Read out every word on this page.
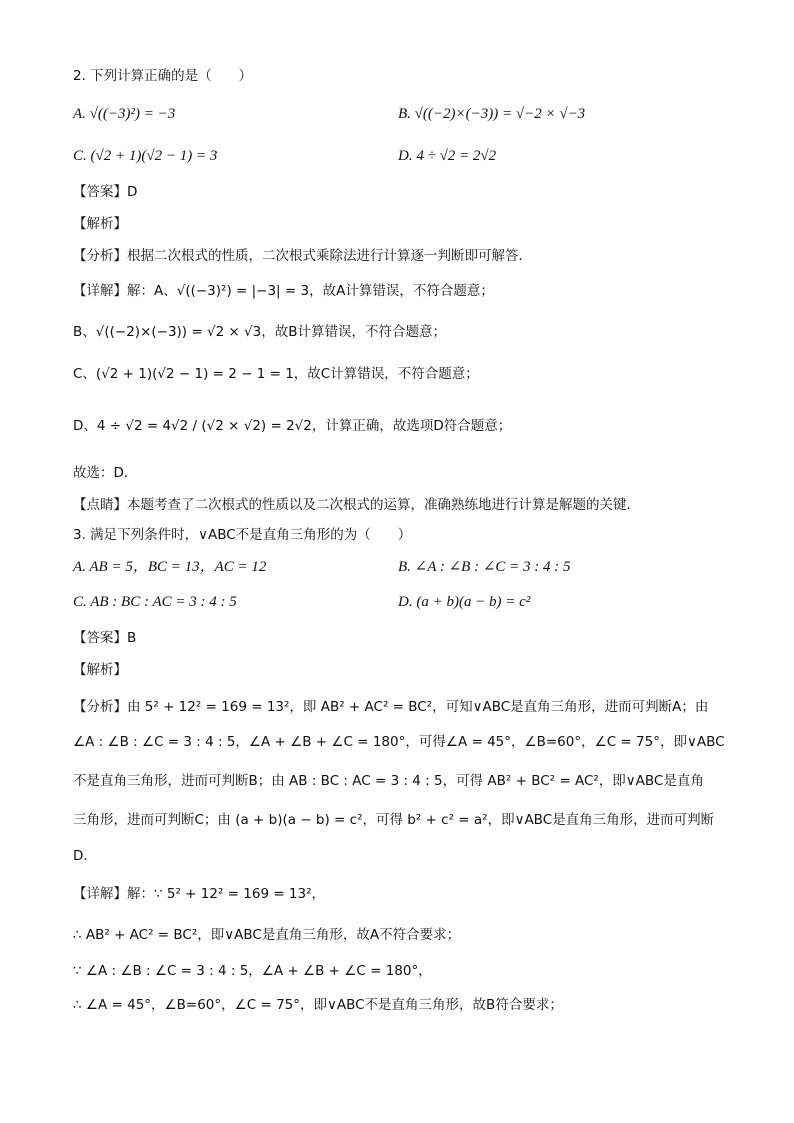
2. 下列计算正确的是（　　）
A. √((−3)²) = −3	B. √((−2)×(−3)) = √−2 × √−3
C. (√2 + 1)(√2 − 1) = 3	D. 4 ÷ √2 = 2√2
【答案】D
【解析】
【分析】根据二次根式的性质，二次根式乘除法进行计算逐一判断即可解答．
【详解】解：A、√((−3)²) = |−3| = 3，故A计算错误，不符合题意；
B、√((−2)×(−3)) = √2 × √3，故B计算错误，不符合题意；
C、(√2 + 1)(√2 − 1) = 2 − 1 = 1，故C计算错误，不符合题意；
D、4 ÷ √2 = 4√2 / (√2 × √2) = 2√2，计算正确，故选项D符合题意；
故选：D．
【点睛】本题考查了二次根式的性质以及二次根式的运算，准确熟练地进行计算是解题的关键．
3. 满足下列条件时，∨ABC不是直角三角形的为（　　）
A. AB = 5，BC = 13，AC = 12	B. ∠A : ∠B : ∠C = 3 : 4 : 5
C. AB : BC : AC = 3 : 4 : 5	D. (a + b)(a − b) = c²
【答案】B
【解析】
【分析】由 5² + 12² = 169 = 13²，即 AB² + AC² = BC²，可知∨ABC是直角三角形，进而可判断A；由
∠A : ∠B : ∠C = 3 : 4 : 5，∠A + ∠B + ∠C = 180°，可得∠A = 45°，∠B=60°，∠C = 75°，即∨ABC
不是直角三角形，进而可判断B；由 AB : BC : AC = 3 : 4 : 5，可得 AB² + BC² = AC²，即∨ABC是直角
三角形，进而可判断C；由 (a + b)(a − b) = c²，可得 b² + c² = a²，即∨ABC是直角三角形，进而可判断
D．
【详解】解：∵ 5² + 12² = 169 = 13²，
∴ AB² + AC² = BC²，即∨ABC是直角三角形，故A不符合要求；
∵ ∠A : ∠B : ∠C = 3 : 4 : 5，∠A + ∠B + ∠C = 180°，
∴ ∠A = 45°，∠B=60°，∠C = 75°，即∨ABC不是直角三角形，故B符合要求；
